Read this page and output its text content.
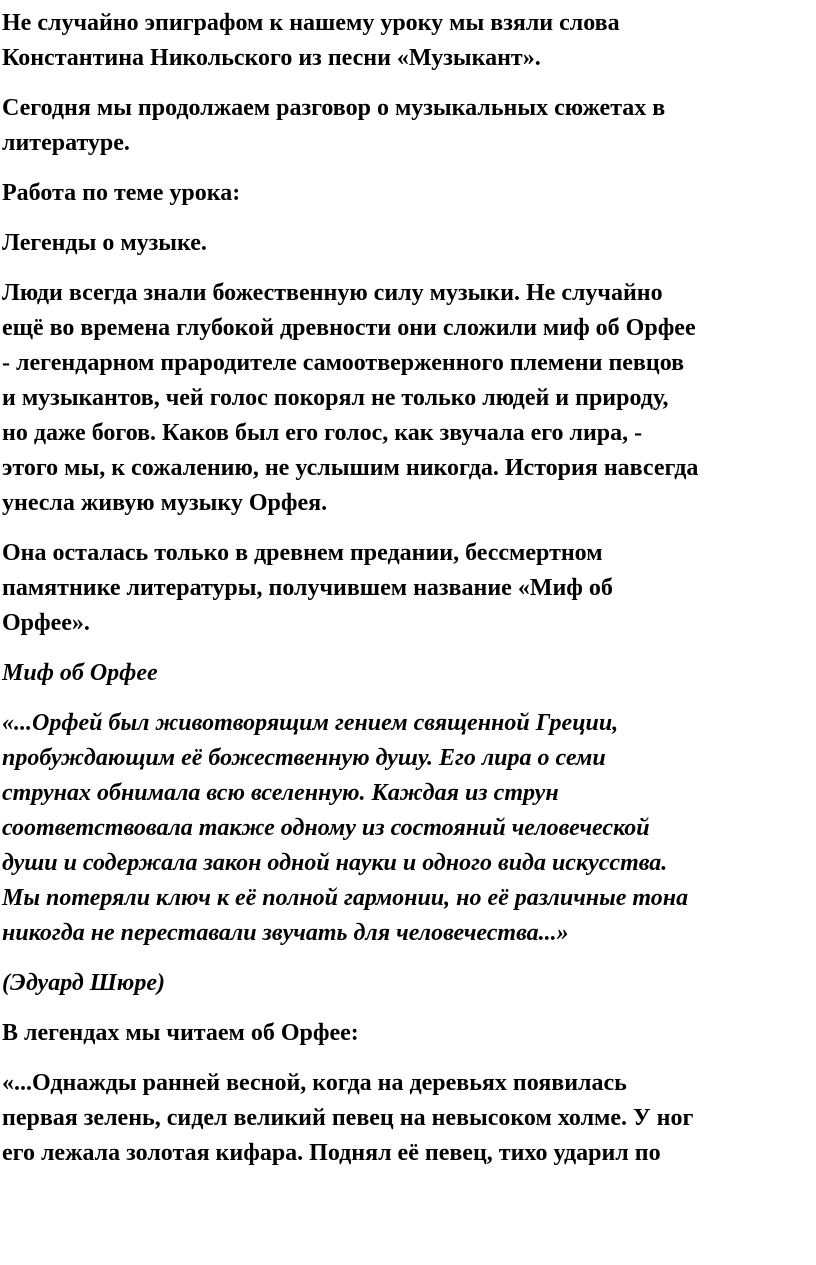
Не случайно эпиграфом к нашему уроку мы взяли слова
Константина Никольского из песни «Музыкант».

Сегодня мы продолжаем разговор о музыкальных сюжетах в
литературе.

Работа по теме урока:

Легенды о музыке.

Люди всегда знали божественную силу музыки. Не случайно
ещё во времена глубокой древности они сложили миф об Орфее
- легендарном прародителе самоотверженного племени певцов
и музыкантов, чей голос покорял не только людей и природу,
но даже богов. Каков был его голос, как звучала его лира, -
этого мы, к сожалению, не услышим никогда. История навсегда
унесла живую музыку Орфея.

Она осталась только в древнем предании, бессмертном
памятнике литературы, получившем название «Миф об
Орфее».

Миф об Орфее

«...Орфей был животворящим гением священной Греции,
пробуждающим её божественную душу. Его лира о семи
струнах обнимала всю вселенную. Каждая из струн
соответствовала также одному из состояний человеческой
души и содержала закон одной науки и одного вида искусства.
Мы потеряли ключ к её полной гармонии, но её различные тона
никогда не переставали звучать для человечества...»

(Эдуард Шюре)

В легендах мы читаем об Орфее:

«...Однажды ранней весной, когда на деревьях появилась
первая зелень, сидел великий певец на невысоком холме. У ног
его лежала золотая кифара. Поднял её певец, тихо ударил по
